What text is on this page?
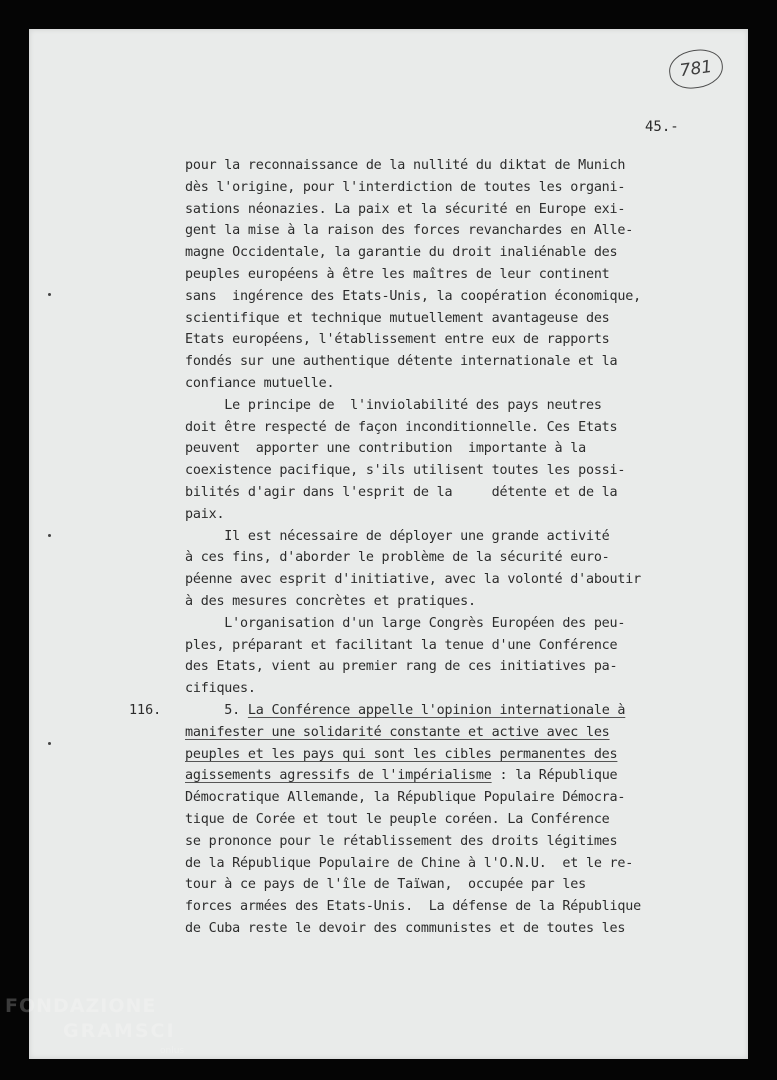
781
45.-
116.
pour la reconnaissance de la nullité du diktat de Munich
dès l'origine, pour l'interdiction de toutes les organi-
sations néonazies. La paix et la sécurité en Europe exi-
gent la mise à la raison des forces revanchardes en Alle-
magne Occidentale, la garantie du droit inaliénable des
peuples européens à être les maîtres de leur continent
sans  ingérence des Etats-Unis, la coopération économique,
scientifique et technique mutuellement avantageuse des
Etats européens, l'établissement entre eux de rapports
fondés sur une authentique détente internationale et la
confiance mutuelle.
Le principe de  l'inviolabilité des pays neutres
doit être respecté de façon inconditionnelle. Ces Etats
peuvent  apporter une contribution  importante à la
coexistence pacifique, s'ils utilisent toutes les possi-
bilités d'agir dans l'esprit de la     détente et de la
paix.
Il est nécessaire de déployer une grande activité
à ces fins, d'aborder le problème de la sécurité euro-
péenne avec esprit d'initiative, avec la volonté d'aboutir
à des mesures concrètes et pratiques.
L'organisation d'un large Congrès Européen des peu-
ples, préparant et facilitant la tenue d'une Conférence
des Etats, vient au premier rang de ces initiatives pa-
cifiques.
5. La Conférence appelle l'opinion internationale à
manifester une solidarité constante et active avec les
peuples et les pays qui sont les cibles permanentes des
agissements agressifs de l'impérialisme : la République
Démocratique Allemande, la République Populaire Démocra-
tique de Corée et tout le peuple coréen. La Conférence
se prononce pour le rétablissement des droits légitimes
de la République Populaire de Chine à l'O.N.U.  et le re-
tour à ce pays de l'île de Taïwan,  occupée par les
forces armées des Etats-Unis.  La défense de la République
de Cuba reste le devoir des communistes et de toutes les
FONDAZIONE
GRAMSCI
onlus
